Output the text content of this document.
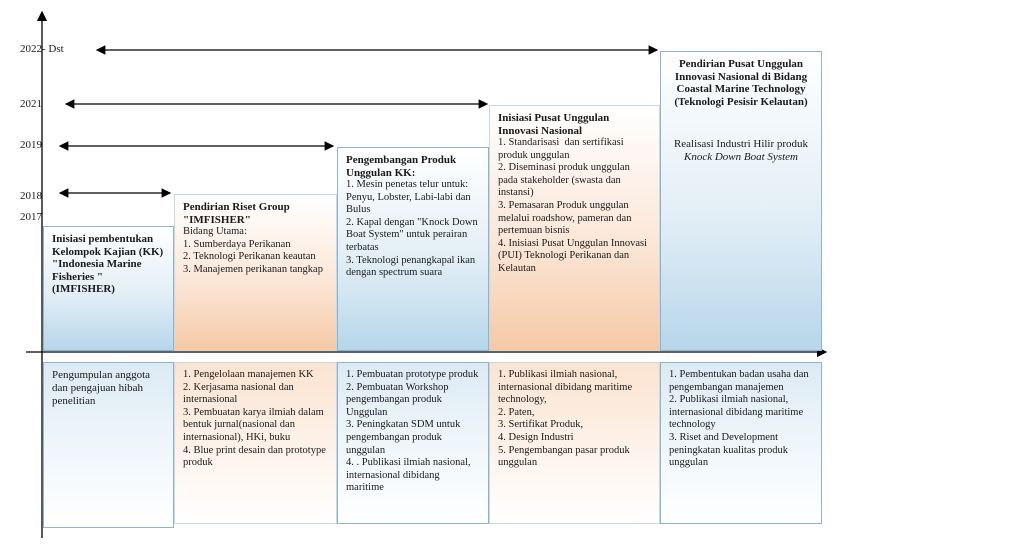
2022- Dst
2021
2019
2018
2017
Inisiasi pembentukan Kelompok Kajian (KK) "Indonesia Marine Fisheries " (IMFISHER)
Pendirian Riset Group "IMFISHER"
Bidang Utama:
1. Sumberdaya Perikanan
2. Teknologi Perikanan keautan
3. Manajemen perikanan tangkap
Pengembangan Produk Unggulan KK:
1. Mesin penetas telur untuk: Penyu, Lobster, Labi-labi dan Bulus
2. Kapal dengan "Knock Down Boat System" untuk perairan terbatas
3. Teknologi penangkapal ikan dengan spectrum suara
Inisiasi Pusat Unggulan Innovasi Nasional
1. Standarisasi  dan sertifikasi produk unggulan
2. Diseminasi produk unggulan pada stakeholder (swasta dan instansi)
3. Pemasaran Produk unggulan melalui roadshow, pameran dan pertemuan bisnis
4. Inisiasi Pusat Unggulan Innovasi (PUI) Teknologi Perikanan dan Kelautan
Pendirian Pusat Unggulan Innovasi Nasional di Bidang Coastal Marine Technology (Teknologi Pesisir Kelautan)
Realisasi Industri Hilir produk Knock Down Boat System
Pengumpulan anggota dan pengajuan hibah penelitian
1. Pengelolaan manajemen KK
2. Kerjasama nasional dan internasional
3. Pembuatan karya ilmiah dalam bentuk jurnal(nasional dan internasional), HKi, buku
4. Blue print desain dan prototype produk
1. Pembuatan prototype produk
2. Pembuatan Workshop pengembangan produk Unggulan
3. Peningkatan SDM untuk pengembangan produk unggulan
4. . Publikasi ilmiah nasional, internasional dibidang maritime
1. Publikasi ilmiah nasional, internasional dibidang maritime technology,
2. Paten,
3. Sertifikat Produk,
4. Design Industri
5. Pengembangan pasar produk unggulan
1. Pembentukan badan usaha dan pengembangan manajemen
2. Publikasi ilmiah nasional, internasional dibidang maritime technology
3. Riset and Development peningkatan kualitas produk unggulan
